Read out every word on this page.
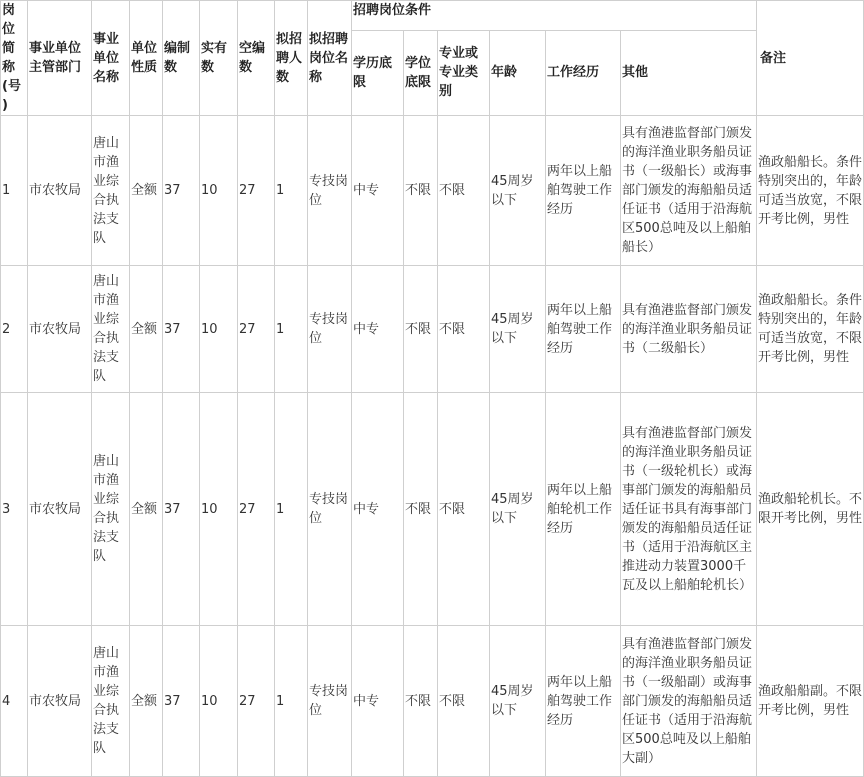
岗位简称(号)	事业单位 主管部门	事业单位名称	单位性质	编制数	实有数	空编数	拟招聘人数	拟招聘岗位名称	招聘岗位条件						备注
									学历底限	学位底限	专业或专业类别	年龄	工作经历	其他	
1	市农牧局	唐山市渔业综合执法支队	全额	37	10	27	1	专技岗位	中专	不限	不限	45周岁以下	两年以上船舶驾驶工作经历	具有渔港监督部门颁发的海洋渔业职务船员证书（一级船长）或海事部门颁发的海船船员适任证书（适用于沿海航区500总吨及以上船舶船长）	渔政船船长。条件特别突出的，年龄可适当放宽，不限开考比例，男性
2	市农牧局	唐山市渔业综合执法支队	全额	37	10	27	1	专技岗位	中专	不限	不限	45周岁以下	两年以上船舶驾驶工作经历	具有渔港监督部门颁发的海洋渔业职务船员证书（二级船长）	渔政船船长。条件特别突出的，年龄可适当放宽，不限开考比例，男性
3	市农牧局	唐山市渔业综合执法支队	全额	37	10	27	1	专技岗位	中专	不限	不限	45周岁以下	两年以上船舶轮机工作经历	具有渔港监督部门颁发的海洋渔业职务船员证书（一级轮机长）或海事部门颁发的海船船员适任证书具有海事部门颁发的海船船员适任证书（适用于沿海航区主推进动力装置3000千瓦及以上船舶轮机长）	渔政船轮机长。不限开考比例，男性
4	市农牧局	唐山市渔业综合执法支队	全额	37	10	27	1	专技岗位	中专	不限	不限	45周岁以下	两年以上船舶驾驶工作经历	具有渔港监督部门颁发的海洋渔业职务船员证书（一级船副）或海事部门颁发的海船船员适任证书（适用于沿海航区500总吨及以上船舶大副）	渔政船船副。不限开考比例，男性
